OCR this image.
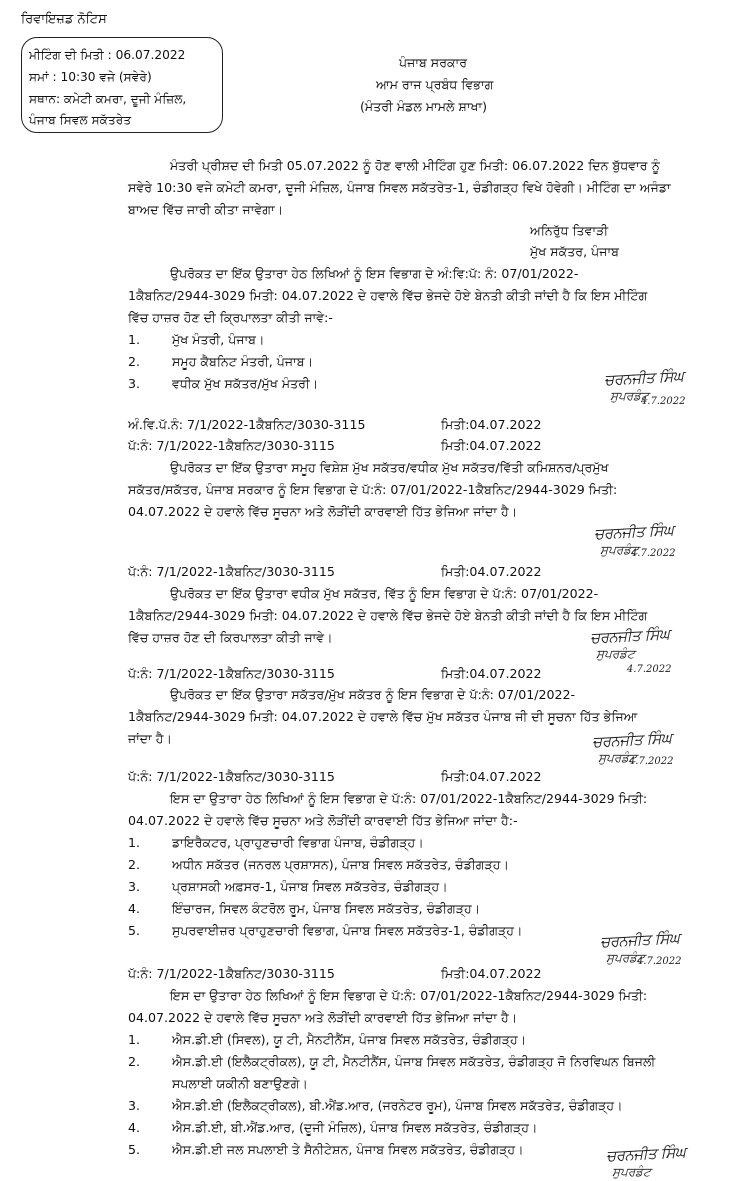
ਰਿਵਾਇਜ਼ਡ ਨੋਟਿਸ
ਮੀਟਿੰਗ ਦੀ ਮਿਤੀ : 06.07.2022
ਸਮਾਂ : 10:30 ਵਜੇ (ਸਵੇਰੇ)
ਸਥਾਨ: ਕਮੇਟੀ ਕਮਰਾ, ਦੂਜੀ ਮੰਜ਼ਿਲ,
ਪੰਜਾਬ ਸਿਵਲ ਸਕੱਤਰੇਤ
ਪੰਜਾਬ ਸਰਕਾਰ
ਆਮ ਰਾਜ ਪ੍ਰਬੰਧ ਵਿਭਾਗ
(ਮੰਤਰੀ ਮੰਡਲ ਮਾਮਲੇ ਸ਼ਾਖਾ)
ਮੰਤਰੀ ਪ੍ਰੀਸ਼ਦ ਦੀ ਮਿਤੀ 05.07.2022 ਨੂੰ ਹੋਣ ਵਾਲੀ ਮੀਟਿੰਗ ਹੁਣ ਮਿਤੀ: 06.07.2022 ਦਿਨ ਬੁੱਧਵਾਰ ਨੂੰ
ਸਵੇਰੇ 10:30 ਵਜੇ ਕਮੇਟੀ ਕਮਰਾ, ਦੂਜੀ ਮੰਜ਼ਿਲ, ਪੰਜਾਬ ਸਿਵਲ ਸਕੱਤਰੇਤ-1, ਚੰਡੀਗੜ੍ਹ ਵਿਖੇ ਹੋਵੇਗੀ। ਮੀਟਿੰਗ ਦਾ ਅਜੰਡਾ
ਬਾਅਦ ਵਿੱਚ ਜਾਰੀ ਕੀਤਾ ਜਾਵੇਗਾ।
ਅਨਿਰੁੱਧ ਤਿਵਾੜੀ
ਮੁੱਖ ਸਕੱਤਰ, ਪੰਜਾਬ
ਉਪਰੋਕਤ ਦਾ ਇੱਕ ਉਤਾਰਾ ਹੇਠ ਲਿਖਿਆਂ ਨੂੰ ਇਸ ਵਿਭਾਗ ਦੇ ਅੰ:ਵਿ:ਪੱ: ਨੰ: 07/01/2022-
1ਕੈਬਨਿਟ/2944-3029 ਮਿਤੀ: 04.07.2022 ਦੇ ਹਵਾਲੇ ਵਿੱਚ ਭੇਜਦੇ ਹੋਏ ਬੇਨਤੀ ਕੀਤੀ ਜਾਂਦੀ ਹੈ ਕਿ ਇਸ ਮੀਟਿੰਗ
ਵਿੱਚ ਹਾਜ਼ਰ ਹੋਣ ਦੀ ਕ੍ਰਿਪਾਲਤਾ ਕੀਤੀ ਜਾਵੇ:-
1.	ਮੁੱਖ ਮੰਤਰੀ, ਪੰਜਾਬ।
2.	ਸਮੂਹ ਕੈਬਨਿਟ ਮੰਤਰੀ, ਪੰਜਾਬ।
3.	ਵਧੀਕ ਮੁੱਖ ਸਕੱਤਰ/ਮੁੱਖ ਮੰਤਰੀ।	ਚਰਨਜੀਤ ਸਿੰਘ
ਸੁਪਰਡੰਟ
4.7.2022
ਅੰ.ਵਿ.ਪੱ.ਨੰ: 7/1/2022-1ਕੈਬਨਿਟ/3030-3115	ਮਿਤੀ:04.07.2022
ਪੱ:ਨੰ: 7/1/2022-1ਕੈਬਨਿਟ/3030-3115	ਮਿਤੀ:04.07.2022
ਉਪਰੋਕਤ ਦਾ ਇੱਕ ਉਤਾਰਾ ਸਮੂਹ ਵਿਸ਼ੇਸ਼ ਮੁੱਖ ਸਕੱਤਰ/ਵਧੀਕ ਮੁੱਖ ਸਕੱਤਰ/ਵਿੱਤੀ ਕਮਿਸ਼ਨਰ/ਪ੍ਰਮੁੱਖ
ਸਕੱਤਰ/ਸਕੱਤਰ, ਪੰਜਾਬ ਸਰਕਾਰ ਨੂੰ ਇਸ ਵਿਭਾਗ ਦੇ ਪੱ:ਨੰ: 07/01/2022-1ਕੈਬਨਿਟ/2944-3029 ਮਿਤੀ:
04.07.2022 ਦੇ ਹਵਾਲੇ ਵਿੱਚ ਸੂਚਨਾ ਅਤੇ ਲੋੜੀਂਦੀ ਕਾਰਵਾਈ ਹਿੱਤ ਭੇਜਿਆ ਜਾਂਦਾ ਹੈ।
ਚਰਨਜੀਤ ਸਿੰਘ
ਸੁਪਰਡੰਟ
4.7.2022
ਪੱ:ਨੰ: 7/1/2022-1ਕੈਬਨਿਟ/3030-3115	ਮਿਤੀ:04.07.2022
ਉਪਰੋਕਤ ਦਾ ਇੱਕ ਉਤਾਰਾ ਵਧੀਕ ਮੁੱਖ ਸਕੱਤਰ, ਵਿੱਤ ਨੂੰ ਇਸ ਵਿਭਾਗ ਦੇ ਪੱ:ਨੰ: 07/01/2022-
1ਕੈਬਨਿਟ/2944-3029 ਮਿਤੀ: 04.07.2022 ਦੇ ਹਵਾਲੇ ਵਿੱਚ ਭੇਜਦੇ ਹੋਏ ਬੇਨਤੀ ਕੀਤੀ ਜਾਂਦੀ ਹੈ ਕਿ ਇਸ ਮੀਟਿੰਗ
ਵਿੱਚ ਹਾਜ਼ਰ ਹੋਣ ਦੀ ਕਿਰਪਾਲਤਾ ਕੀਤੀ ਜਾਵੇ।	ਚਰਨਜੀਤ ਸਿੰਘ
ਸੁਪਰਡੰਟ
4.7.2022
ਪੱ:ਨੰ: 7/1/2022-1ਕੈਬਨਿਟ/3030-3115	ਮਿਤੀ:04.07.2022
ਉਪਰੋਕਤ ਦਾ ਇੱਕ ਉਤਾਰਾ ਸਕੱਤਰ/ਮੁੱਖ ਸਕੱਤਰ ਨੂੰ ਇਸ ਵਿਭਾਗ ਦੇ ਪੱ:ਨੰ: 07/01/2022-
1ਕੈਬਨਿਟ/2944-3029 ਮਿਤੀ: 04.07.2022 ਦੇ ਹਵਾਲੇ ਵਿੱਚ ਮੁੱਖ ਸਕੱਤਰ ਪੰਜਾਬ ਜੀ ਦੀ ਸੂਚਨਾ ਹਿੱਤ ਭੇਜਿਆ
ਜਾਂਦਾ ਹੈ।	ਚਰਨਜੀਤ ਸਿੰਘ
ਸੁਪਰਡੰਟ
4.7.2022
ਪੱ:ਨੰ: 7/1/2022-1ਕੈਬਨਿਟ/3030-3115	ਮਿਤੀ:04.07.2022
ਇਸ ਦਾ ਉਤਾਰਾ ਹੇਠ ਲਿਖਿਆਂ ਨੂੰ ਇਸ ਵਿਭਾਗ ਦੇ ਪੱ:ਨੰ: 07/01/2022-1ਕੈਬਨਿਟ/2944-3029 ਮਿਤੀ:
04.07.2022 ਦੇ ਹਵਾਲੇ ਵਿੱਚ ਸੂਚਨਾ ਅਤੇ ਲੋੜੀਂਦੀ ਕਾਰਵਾਈ ਹਿੱਤ ਭੇਜਿਆ ਜਾਂਦਾ ਹੈ:-
1.	ਡਾਇਰੈਕਟਰ, ਪ੍ਰਾਹੁਣਚਾਰੀ ਵਿਭਾਗ ਪੰਜਾਬ, ਚੰਡੀਗੜ੍ਹ।
2.	ਅਧੀਨ ਸਕੱਤਰ (ਜਨਰਲ ਪ੍ਰਸ਼ਾਸਨ), ਪੰਜਾਬ ਸਿਵਲ ਸਕੱਤਰੇਤ, ਚੰਡੀਗੜ੍ਹ।
3.	ਪ੍ਰਸ਼ਾਸਕੀ ਅਫ਼ਸਰ-1, ਪੰਜਾਬ ਸਿਵਲ ਸਕੱਤਰੇਤ, ਚੰਡੀਗੜ੍ਹ।
4.	ਇੰਚਾਰਜ, ਸਿਵਲ ਕੰਟਰੋਲ ਰੂਮ, ਪੰਜਾਬ ਸਿਵਲ ਸਕੱਤਰੇਤ, ਚੰਡੀਗੜ੍ਹ।
5.	ਸੁਪਰਵਾਈਜ਼ਰ ਪ੍ਰਾਹੁਣਚਾਰੀ ਵਿਭਾਗ, ਪੰਜਾਬ ਸਿਵਲ ਸਕੱਤਰੇਤ-1, ਚੰਡੀਗੜ੍ਹ।	ਚਰਨਜੀਤ ਸਿੰਘ
ਸੁਪਰਡੰਟ
4.7.2022
ਪੱ:ਨੰ: 7/1/2022-1ਕੈਬਨਿਟ/3030-3115	ਮਿਤੀ:04.07.2022
ਇਸ ਦਾ ਉਤਾਰਾ ਹੇਠ ਲਿਖਿਆਂ ਨੂੰ ਇਸ ਵਿਭਾਗ ਦੇ ਪੱ:ਨੰ: 07/01/2022-1ਕੈਬਨਿਟ/2944-3029 ਮਿਤੀ:
04.07.2022 ਦੇ ਹਵਾਲੇ ਵਿੱਚ ਸੂਚਨਾ ਅਤੇ ਲੋੜੀਂਦੀ ਕਾਰਵਾਈ ਹਿੱਤ ਭੇਜਿਆ ਜਾਂਦਾ ਹੈ।
1.	ਐਸ.ਡੀ.ਈ (ਸਿਵਲ), ਯੂ ਟੀ, ਮੈਨਟੀਨੈਂਸ, ਪੰਜਾਬ ਸਿਵਲ ਸਕੱਤਰੇਤ, ਚੰਡੀਗੜ੍ਹ।
2.	ਐਸ.ਡੀ.ਈ (ਇਲੈਕਟ੍ਰੀਕਲ), ਯੂ ਟੀ, ਮੈਨਟੀਨੈਂਸ, ਪੰਜਾਬ ਸਿਵਲ ਸਕੱਤਰੇਤ, ਚੰਡੀਗੜ੍ਹ ਜੋ ਨਿਰਵਿਘਨ ਬਿਜਲੀ
ਸਪਲਾਈ ਯਕੀਨੀ ਬਣਾਉਣਗੇ।
3.	ਐਸ.ਡੀ.ਈ (ਇਲੈਕਟ੍ਰੀਕਲ), ਬੀ.ਐਂਡ.ਆਰ, (ਜਰਨੇਟਰ ਰੂਮ), ਪੰਜਾਬ ਸਿਵਲ ਸਕੱਤਰੇਤ, ਚੰਡੀਗੜ੍ਹ।
4.	ਐਸ.ਡੀ.ਈ, ਬੀ.ਐਂਡ.ਆਰ, (ਦੂਜੀ ਮੰਜ਼ਿਲ), ਪੰਜਾਬ ਸਿਵਲ ਸਕੱਤਰੇਤ, ਚੰਡੀਗੜ੍ਹ।
5.	ਐਸ.ਡੀ.ਈ ਜਲ ਸਪਲਾਈ ਤੇ ਸੈਨੀਟੇਸ਼ਨ, ਪੰਜਾਬ ਸਿਵਲ ਸਕੱਤਰੇਤ, ਚੰਡੀਗੜ੍ਹ।	ਚਰਨਜੀਤ ਸਿੰਘ
ਸੁਪਰਡੰਟ
